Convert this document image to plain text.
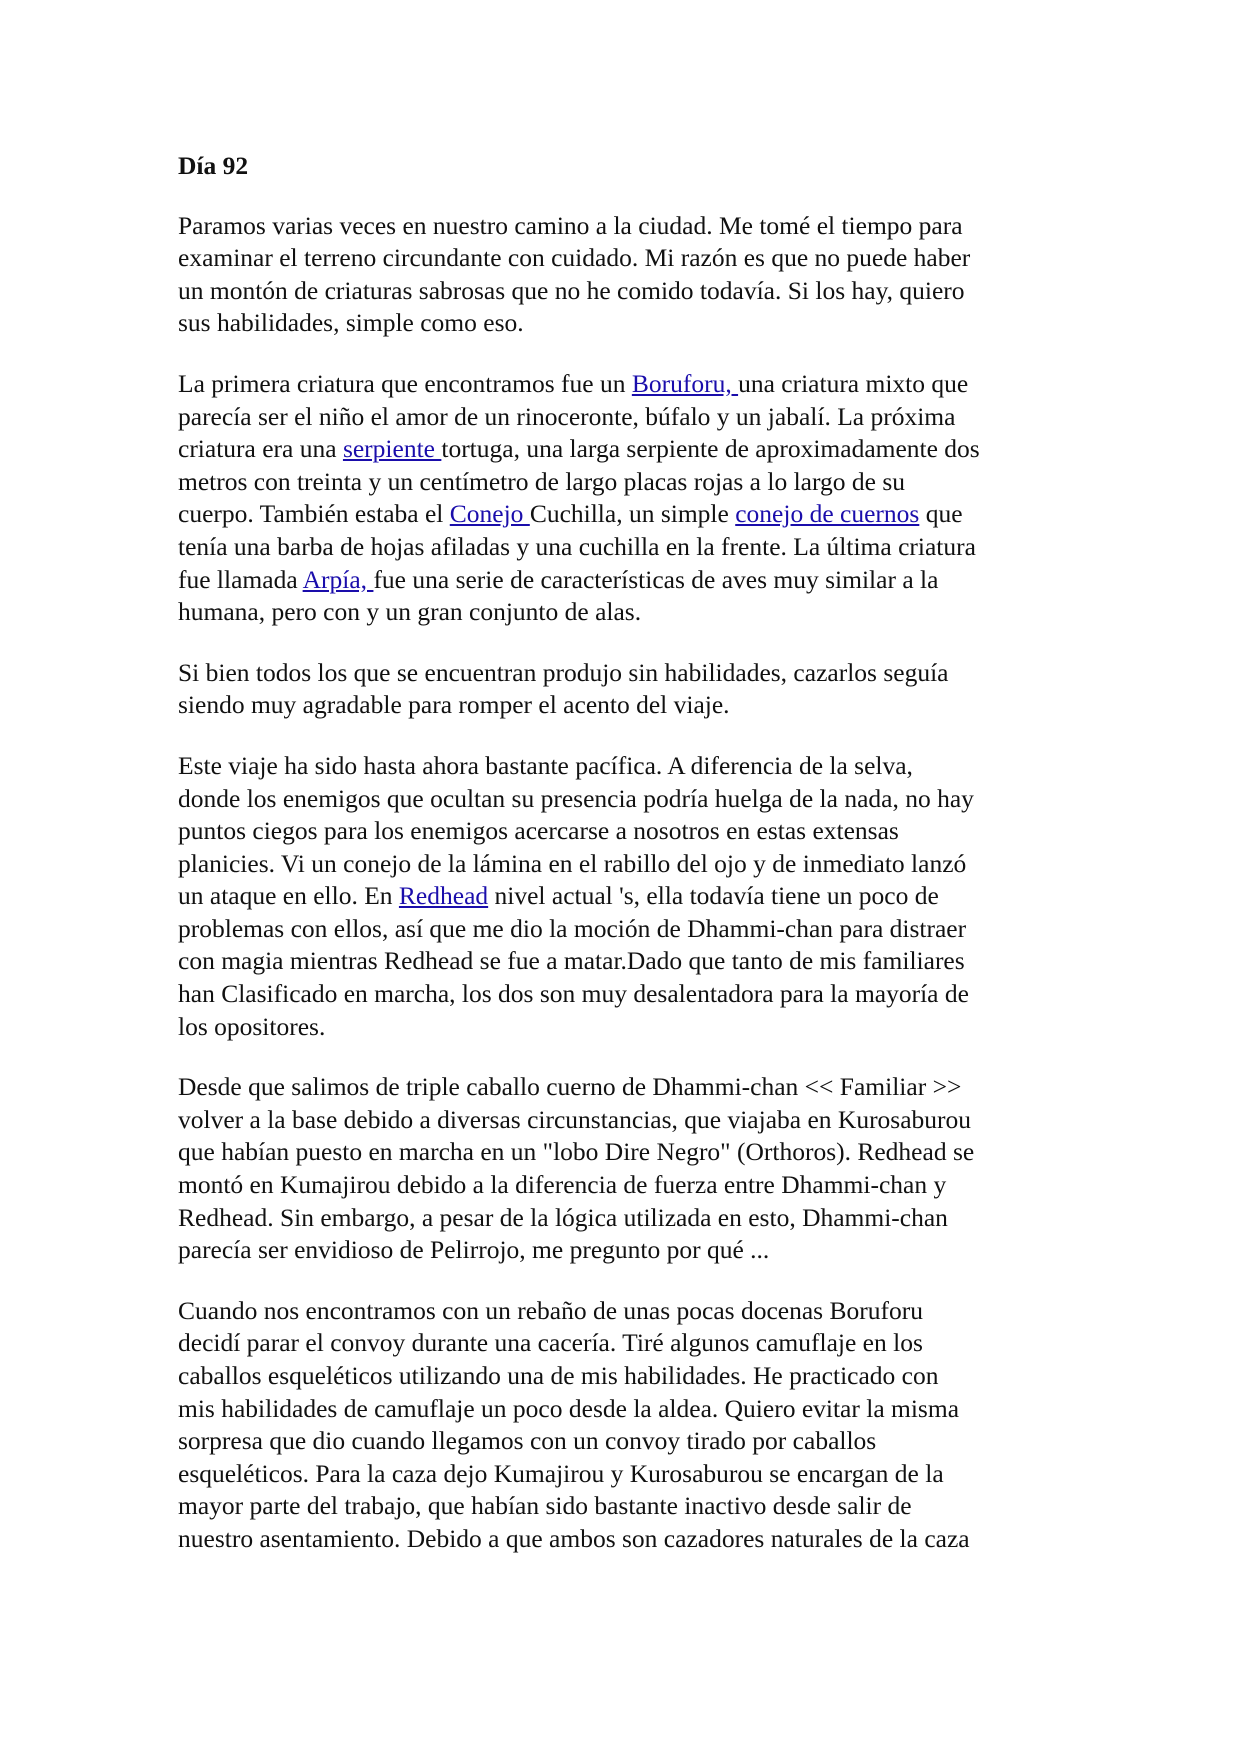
Día 92

Paramos varias veces en nuestro camino a la ciudad. Me tomé el tiempo para
examinar el terreno circundante con cuidado. Mi razón es que no puede haber
un montón de criaturas sabrosas que no he comido todavía. Si los hay, quiero
sus habilidades, simple como eso.

La primera criatura que encontramos fue un Boruforu, una criatura mixto que
parecía ser el niño el amor de un rinoceronte, búfalo y un jabalí. La próxima
criatura era una serpiente tortuga, una larga serpiente de aproximadamente dos
metros con treinta y un centímetro de largo placas rojas a lo largo de su
cuerpo. También estaba el Conejo Cuchilla, un simple conejo de cuernos que
tenía una barba de hojas afiladas y una cuchilla en la frente. La última criatura
fue llamada Arpía, fue una serie de características de aves muy similar a la
humana, pero con y un gran conjunto de alas.

Si bien todos los que se encuentran produjo sin habilidades, cazarlos seguía
siendo muy agradable para romper el acento del viaje.

Este viaje ha sido hasta ahora bastante pacífica. A diferencia de la selva,
donde los enemigos que ocultan su presencia podría huelga de la nada, no hay
puntos ciegos para los enemigos acercarse a nosotros en estas extensas
planicies. Vi un conejo de la lámina en el rabillo del ojo y de inmediato lanzó
un ataque en ello. En Redhead nivel actual 's, ella todavía tiene un poco de
problemas con ellos, así que me dio la moción de Dhammi-chan para distraer
con magia mientras Redhead se fue a matar.Dado que tanto de mis familiares
han Clasificado en marcha, los dos son muy desalentadora para la mayoría de
los opositores.

Desde que salimos de triple caballo cuerno de Dhammi-chan << Familiar >>
volver a la base debido a diversas circunstancias, que viajaba en Kurosaburou
que habían puesto en marcha en un "lobo Dire Negro" (Orthoros). Redhead se
montó en Kumajirou debido a la diferencia de fuerza entre Dhammi-chan y
Redhead. Sin embargo, a pesar de la lógica utilizada en esto, Dhammi-chan
parecía ser envidioso de Pelirrojo, me pregunto por qué ...

Cuando nos encontramos con un rebaño de unas pocas docenas Boruforu
decidí parar el convoy durante una cacería. Tiré algunos camuflaje en los
caballos esqueléticos utilizando una de mis habilidades. He practicado con
mis habilidades de camuflaje un poco desde la aldea. Quiero evitar la misma
sorpresa que dio cuando llegamos con un convoy tirado por caballos
esqueléticos. Para la caza dejo Kumajirou y Kurosaburou se encargan de la
mayor parte del trabajo, que habían sido bastante inactivo desde salir de
nuestro asentamiento. Debido a que ambos son cazadores naturales de la caza
